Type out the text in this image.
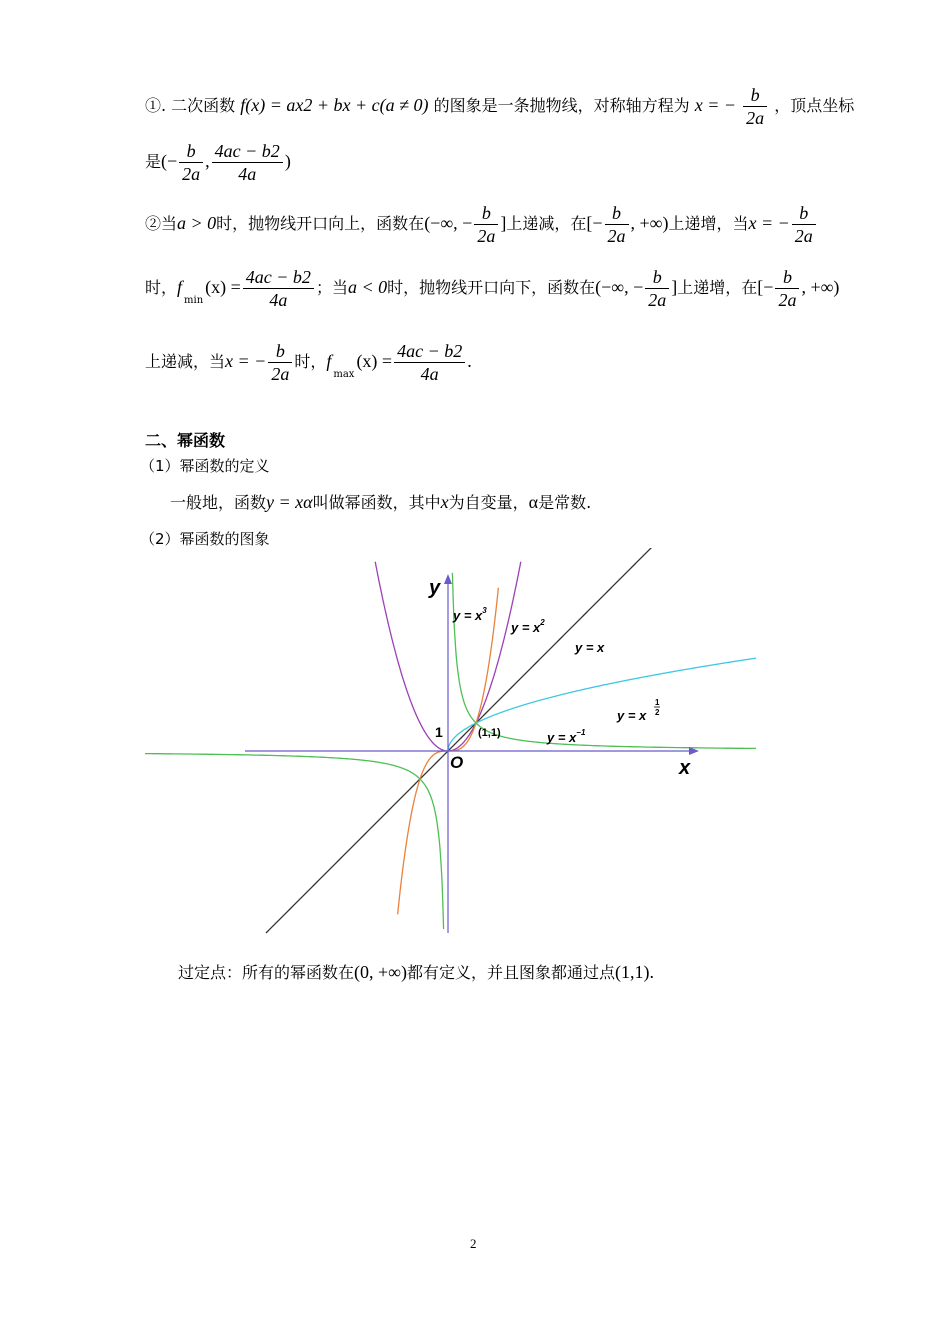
①. 二次函数 f(x) = ax2 + bx + c(a ≠ 0) 的图象是一条抛物线，对称轴方程为 x = − $\frac{b}{2a}$ ，顶点坐标
是(− $\frac{b}{2a}$ , $\frac{4ac - b2}{4a}$ )
②当a > 0时，抛物线开口向上，函数在(−∞, − $\frac{b}{2a}$ ]上递减，在[− $\frac{b}{2a}$ , +∞)上递增，当x = − $\frac{b}{2a}$
时，$f_{min}(x) = \frac{4ac - b2}{4a}$ ；当a < 0时，抛物线开口向下，函数在(−∞, − $\frac{b}{2a}$ ]上递增，在[− $\frac{b}{2a}$ , +∞)
上递减，当x = − $\frac{b}{2a}$ 时，$f_{max}(x) = \frac{4ac - b2}{4a}$ .
二、幂函数
（1）幂函数的定义
一般地，函数y = xα叫做幂函数，其中x为自变量，α是常数.
（2）幂函数的图象
y
x
O
1	(1,1)
$y = x^3$
$y = x^2$
y = x
y = x
1
2
$y = x^{-1}$
过定点：所有的幂函数在(0, +∞)都有定义，并且图象都通过点(1,1).
2
